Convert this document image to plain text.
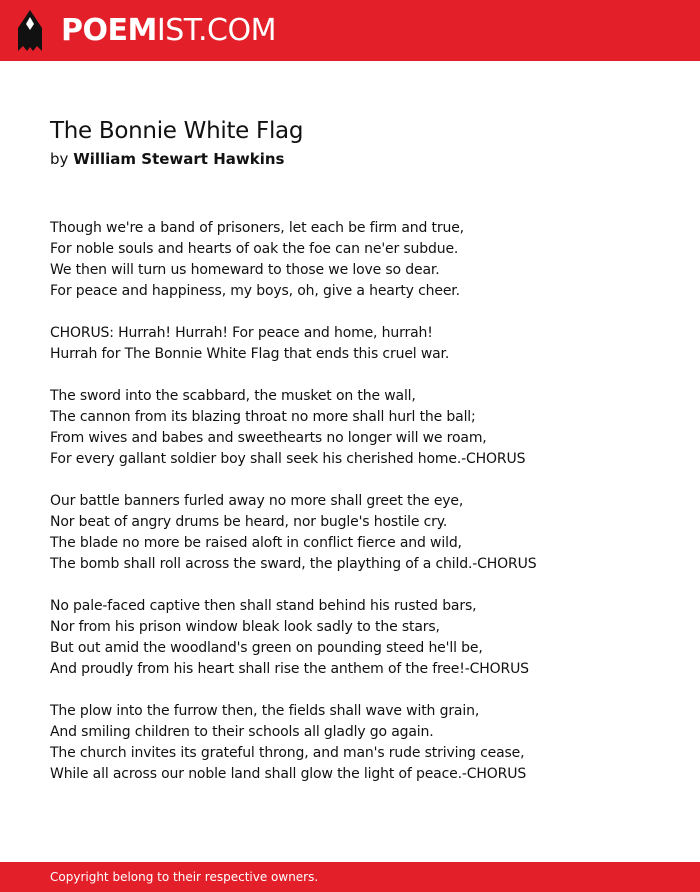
POEMIST.COM
The Bonnie White Flag
by William Stewart Hawkins
Though we're a band of prisoners, let each be firm and true,
For noble souls and hearts of oak the foe can ne'er subdue.
We then will turn us homeward to those we love so dear.
For peace and happiness, my boys, oh, give a hearty cheer.
CHORUS: Hurrah! Hurrah! For peace and home, hurrah!
Hurrah for The Bonnie White Flag that ends this cruel war.
The sword into the scabbard, the musket on the wall,
The cannon from its blazing throat no more shall hurl the ball;
From wives and babes and sweethearts no longer will we roam,
For every gallant soldier boy shall seek his cherished home.-CHORUS
Our battle banners furled away no more shall greet the eye,
Nor beat of angry drums be heard, nor bugle's hostile cry.
The blade no more be raised aloft in conflict fierce and wild,
The bomb shall roll across the sward, the plaything of a child.-CHORUS
No pale-faced captive then shall stand behind his rusted bars,
Nor from his prison window bleak look sadly to the stars,
But out amid the woodland's green on pounding steed he'll be,
And proudly from his heart shall rise the anthem of the free!-CHORUS
The plow into the furrow then, the fields shall wave with grain,
And smiling children to their schools all gladly go again.
The church invites its grateful throng, and man's rude striving cease,
While all across our noble land shall glow the light of peace.-CHORUS
Copyright belong to their respective owners.
